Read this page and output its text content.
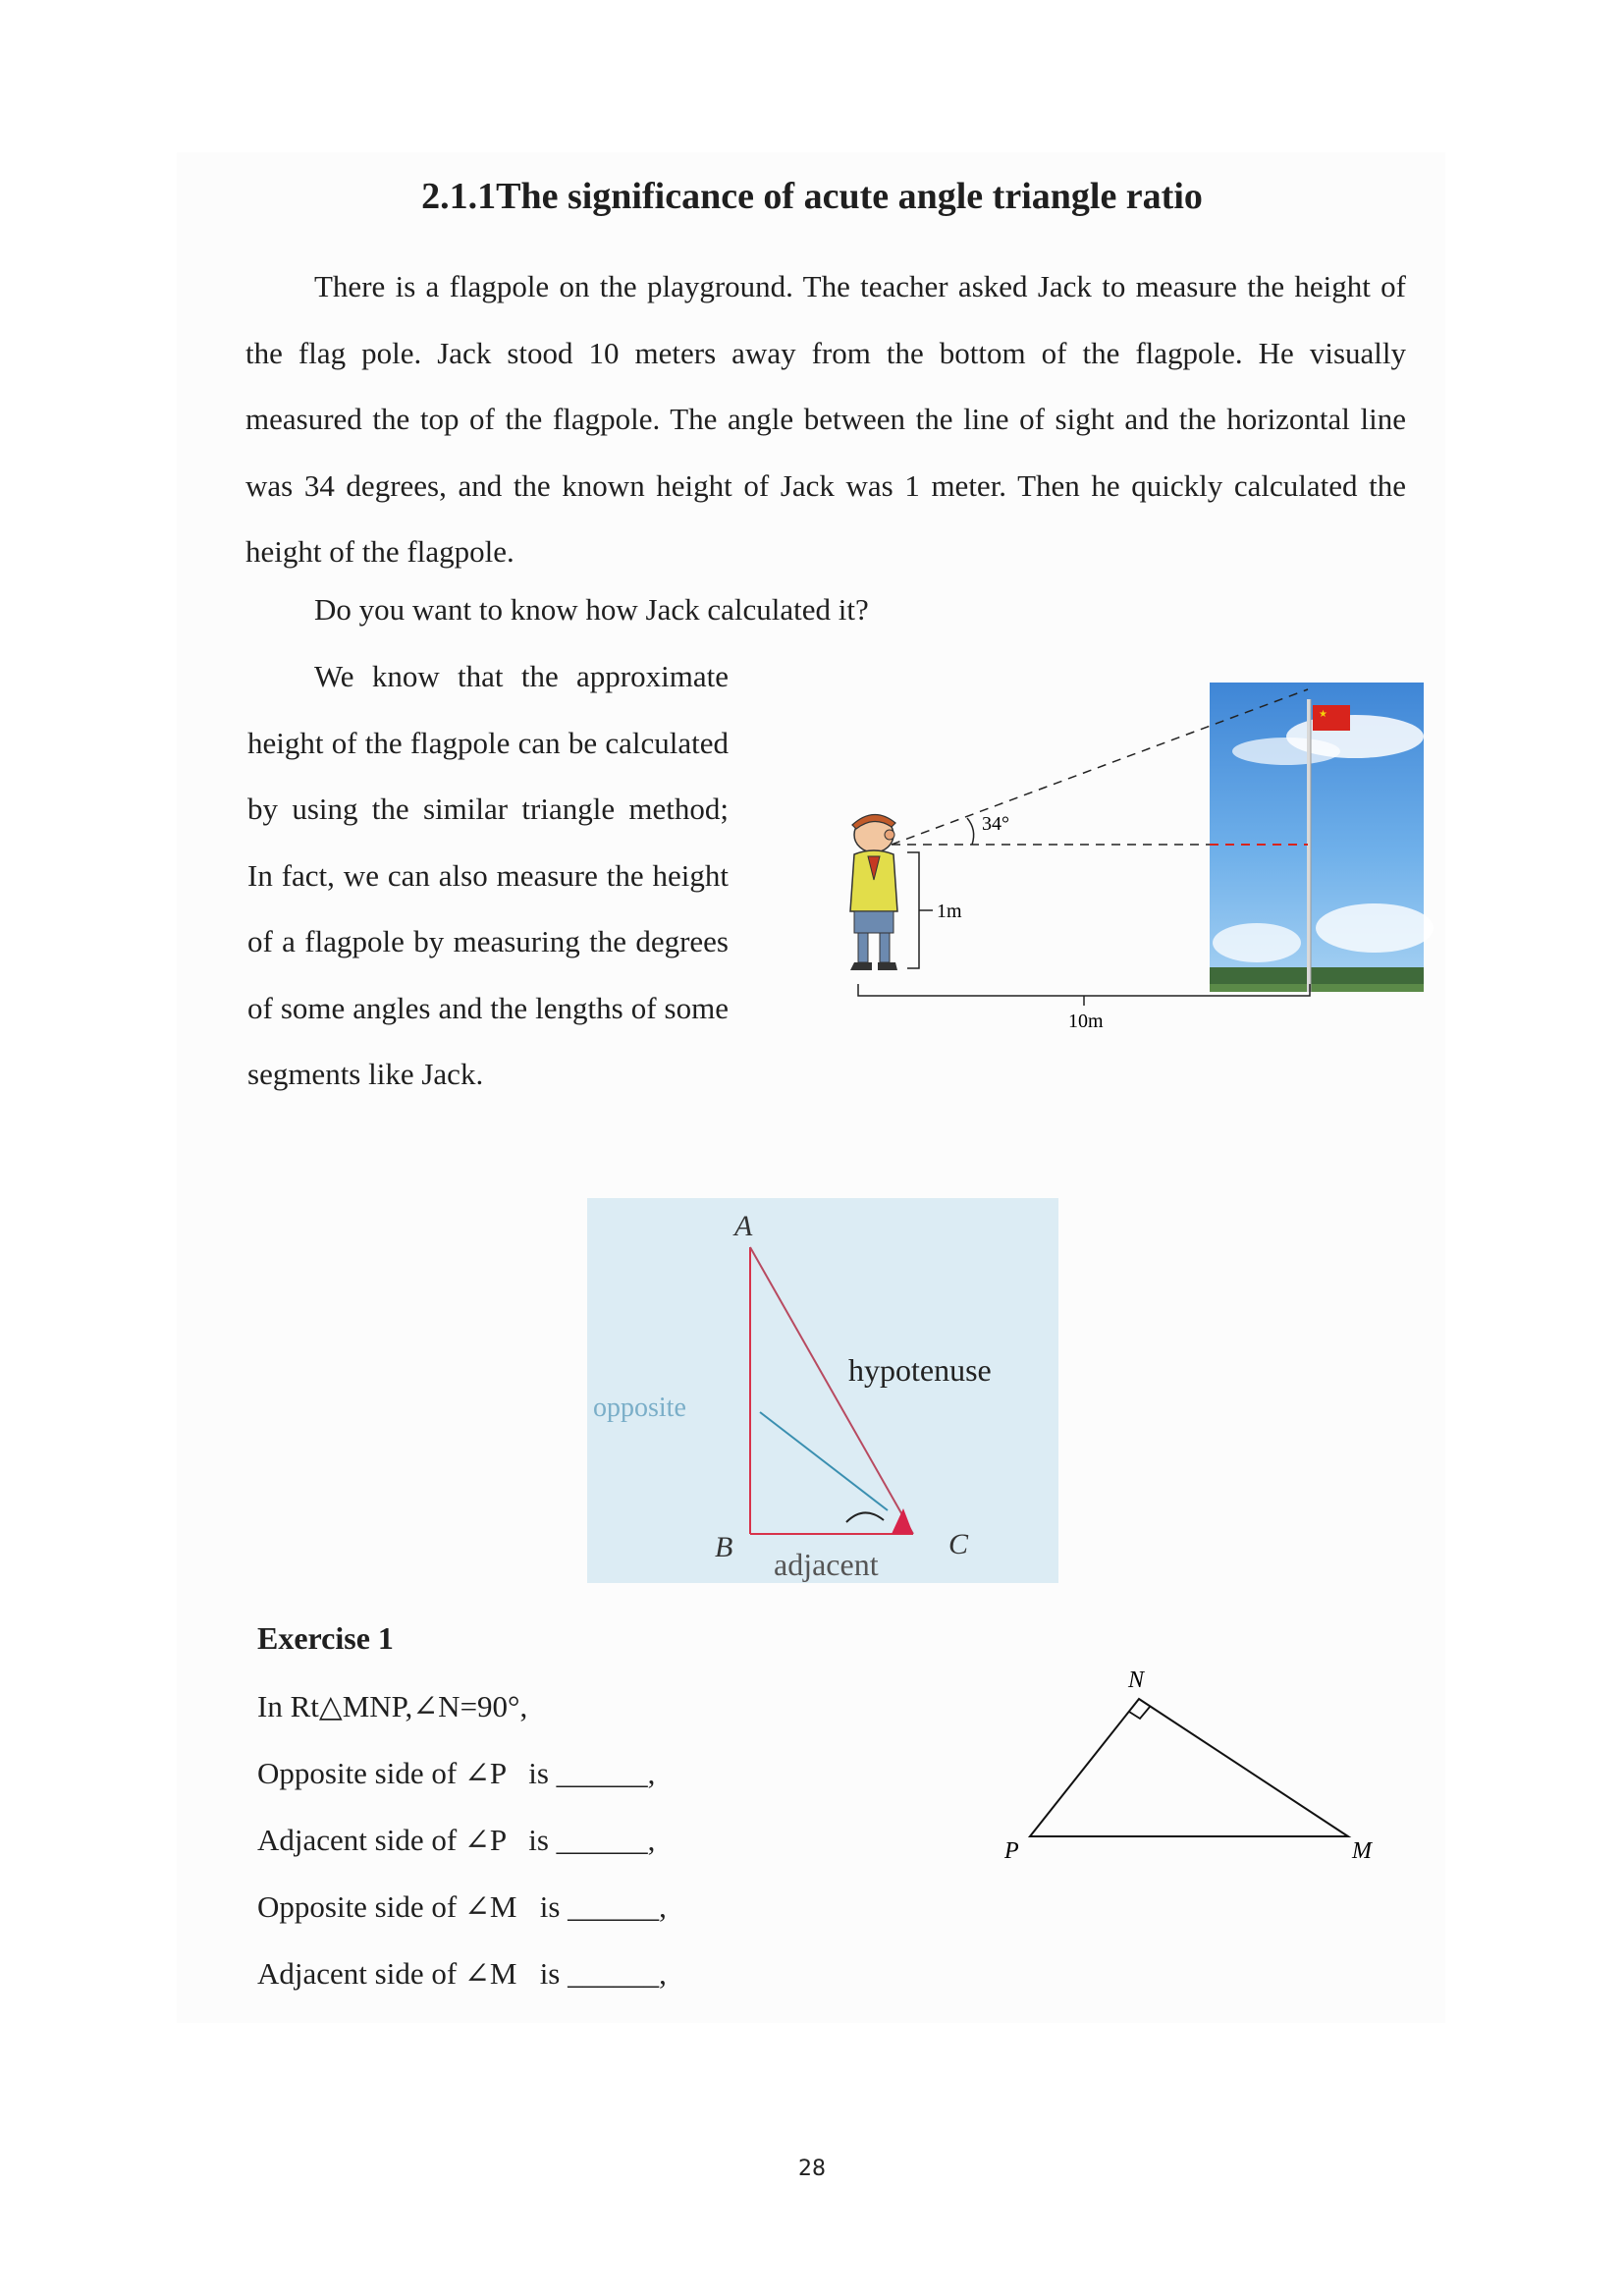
2.1.1The significance of acute angle triangle ratio

There is a flagpole on the playground. The teacher asked Jack to measure the height of the flag pole. Jack stood 10 meters away from the bottom of the flagpole. He visually measured the top of the flagpole. The angle between the line of sight and the horizontal line was 34 degrees, and the known height of Jack was 1 meter. Then he quickly calculated the height of the flagpole.

Do you want to know how Jack calculated it?

We know that the approximate height of the flagpole can be calculated by using the similar triangle method; In fact, we can also measure the height of a flagpole by measuring the degrees of some angles and the lengths of some segments like Jack.

★
34°
1m
10m
A
B	C
opposite
hypotenuse
adjacent

Exercise 1

In Rt△MNP,∠N=90°,

Opposite side of ∠P   is ______,

Adjacent side of ∠P   is ______,

Opposite side of ∠M   is ______,

Adjacent side of ∠M   is ______,

N
P	M
28
